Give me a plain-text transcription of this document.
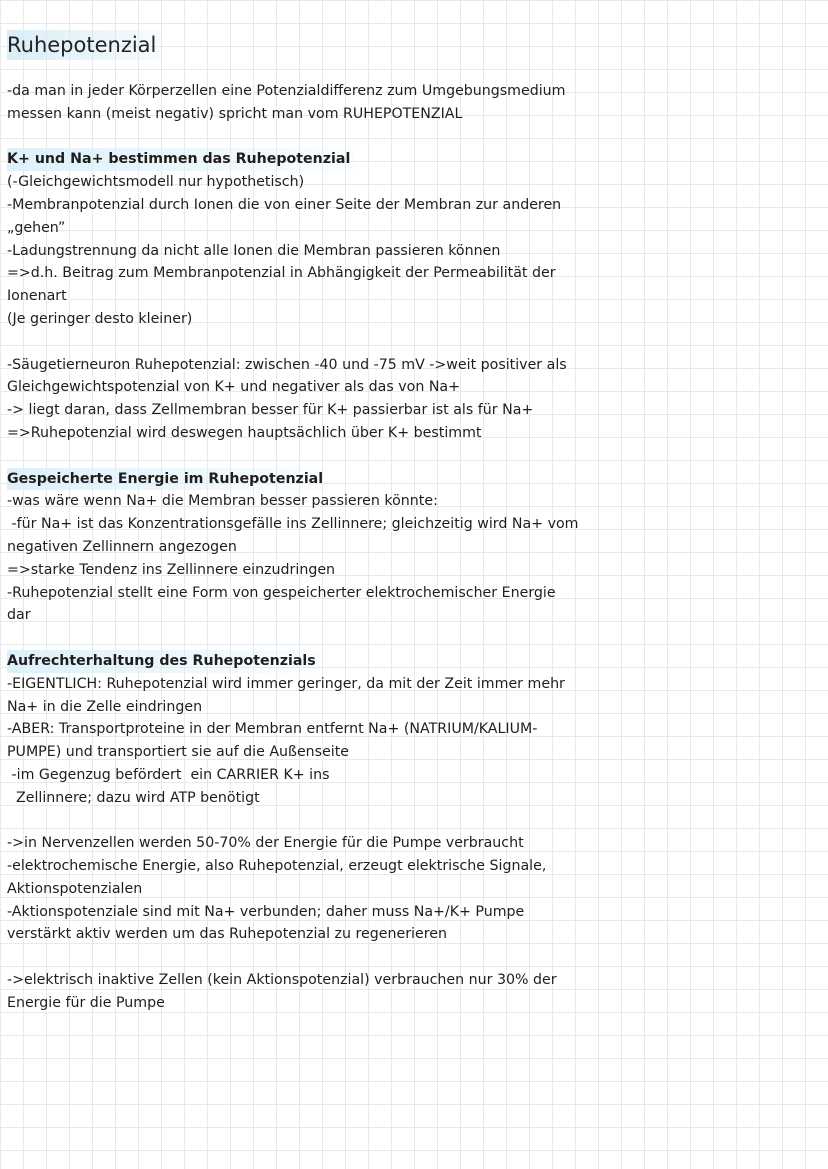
Ruhepotenzial

-da man in jeder Körperzellen eine Potenzialdifferenz zum Umgebungsmedium

messen kann (meist negativ) spricht man vom RUHEPOTENZIAL

K+ und Na+ bestimmen das Ruhepotenzial

(-Gleichgewichtsmodell nur hypothetisch)

-Membranpotenzial durch Ionen die von einer Seite der Membran zur anderen

„gehen”

-Ladungstrennung da nicht alle Ionen die Membran passieren können

=>d.h. Beitrag zum Membranpotenzial in Abhängigkeit der Permeabilität der

Ionenart

(Je geringer desto kleiner)

-Säugetierneuron Ruhepotenzial: zwischen -40 und -75 mV ->weit positiver als

Gleichgewichtspotenzial von K+ und negativer als das von Na+

-> liegt daran, dass Zellmembran besser für K+ passierbar ist als für Na+

=>Ruhepotenzial wird deswegen hauptsächlich über K+ bestimmt

Gespeicherte Energie im Ruhepotenzial

-was wäre wenn Na+ die Membran besser passieren könnte:

-für Na+ ist das Konzentrationsgefälle ins Zellinnere; gleichzeitig wird Na+ vom

negativen Zellinnern angezogen

=>starke Tendenz ins Zellinnere einzudringen

-Ruhepotenzial stellt eine Form von gespeicherter elektrochemischer Energie

dar

Aufrechterhaltung des Ruhepotenzials

-EIGENTLICH: Ruhepotenzial wird immer geringer, da mit der Zeit immer mehr

Na+ in die Zelle eindringen

-ABER: Transportproteine in der Membran entfernt Na+ (NATRIUM/KALIUM-

PUMPE) und transportiert sie auf die Außenseite

-im Gegenzug befördert  ein CARRIER K+ ins

Zellinnere; dazu wird ATP benötigt

->in Nervenzellen werden 50-70% der Energie für die Pumpe verbraucht

-elektrochemische Energie, also Ruhepotenzial, erzeugt elektrische Signale,

Aktionspotenzialen

-Aktionspotenziale sind mit Na+ verbunden; daher muss Na+/K+ Pumpe

verstärkt aktiv werden um das Ruhepotenzial zu regenerieren

->elektrisch inaktive Zellen (kein Aktionspotenzial) verbrauchen nur 30% der

Energie für die Pumpe
